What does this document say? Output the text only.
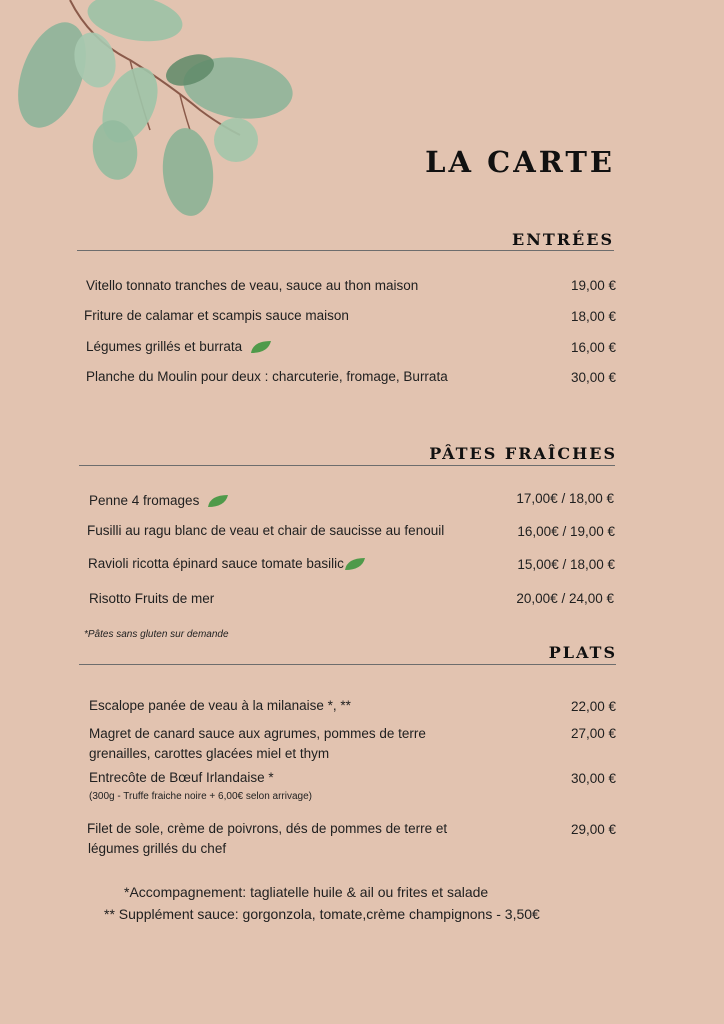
LA CARTE
ENTRÉES
Vitello tonnato tranches de veau, sauce au thon maison	19,00 €
Friture de calamar et scampis sauce maison	18,00 €
Légumes grillés et burrata	16,00 €
Planche du Moulin pour deux : charcuterie, fromage, Burrata	30,00 €
PÂTES FRAÎCHES
Penne 4 fromages	17,00€ / 18,00 €
Fusilli au ragu blanc de veau et chair de saucisse au fenouil	16,00€ / 19,00 €
Ravioli ricotta épinard sauce tomate basilic	15,00€ / 18,00 €
Risotto Fruits de mer	20,00€ / 24,00 €
*Pâtes sans gluten sur demande
PLATS
Escalope panée de veau à la milanaise *, **	22,00 €
Magret de canard sauce aux agrumes, pommes de terre
grenailles, carottes glacées miel et thym
27,00 €
Entrecôte de Bœuf Irlandaise *
(300g - Truffe fraiche noire + 6,00€ selon arrivage)
30,00 €
Filet de sole, crème de poivrons, dés de pommes de terre et
légumes grillés du chef
29,00 €
*Accompagnement: tagliatelle huile & ail ou frites et salade
** Supplément sauce: gorgonzola, tomate,crème champignons - 3,50€
